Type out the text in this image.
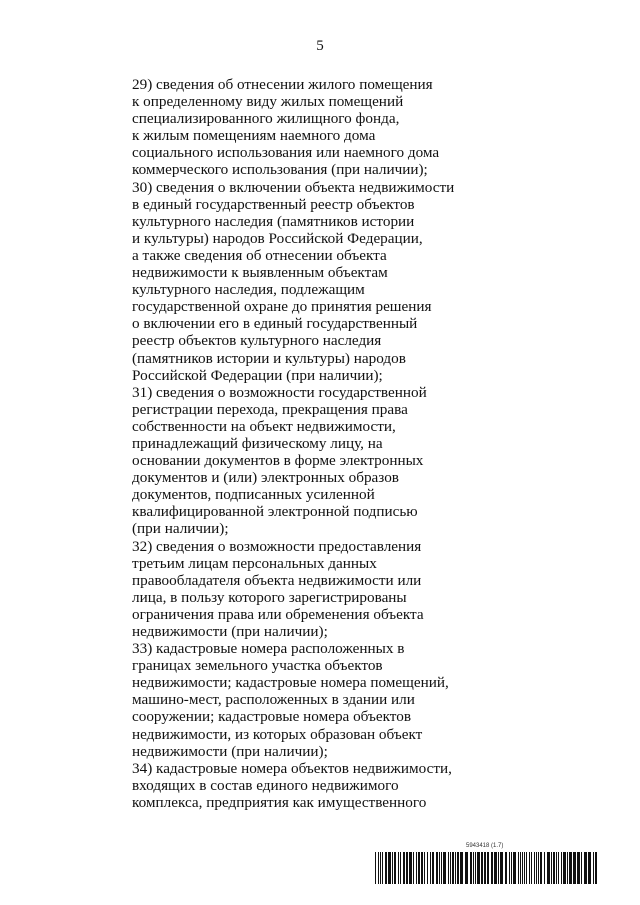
5
29) сведения об отнесении жилого помещения
к определенному виду жилых помещений
специализированного жилищного фонда,
к жилым помещениям наемного дома
социального использования или наемного дома
коммерческого использования (при наличии);
30) сведения о включении объекта недвижимости
в единый государственный реестр объектов
культурного наследия (памятников истории
и культуры) народов Российской Федерации,
а также сведения об отнесении объекта
недвижимости к выявленным объектам
культурного наследия, подлежащим
государственной охране до принятия решения
о включении его в единый государственный
реестр объектов культурного наследия
(памятников истории и культуры) народов
Российской Федерации (при наличии);
31) сведения о возможности государственной
регистрации перехода, прекращения права
собственности на объект недвижимости,
принадлежащий физическому лицу, на
основании документов в форме электронных
документов и (или) электронных образов
документов, подписанных усиленной
квалифицированной электронной подписью
(при наличии);
32) сведения о возможности предоставления
третьим лицам персональных данных
правообладателя объекта недвижимости или
лица, в пользу которого зарегистрированы
ограничения права или обременения объекта
недвижимости (при наличии);
33) кадастровые номера расположенных в
границах земельного участка объектов
недвижимости; кадастровые номера помещений,
машино-мест, расположенных в здании или
сооружении; кадастровые номера объектов
недвижимости, из которых образован объект
недвижимости (при наличии);
34) кадастровые номера объектов недвижимости,
входящих в состав единого недвижимого
комплекса, предприятия как имущественного
5943418 (1.7)
